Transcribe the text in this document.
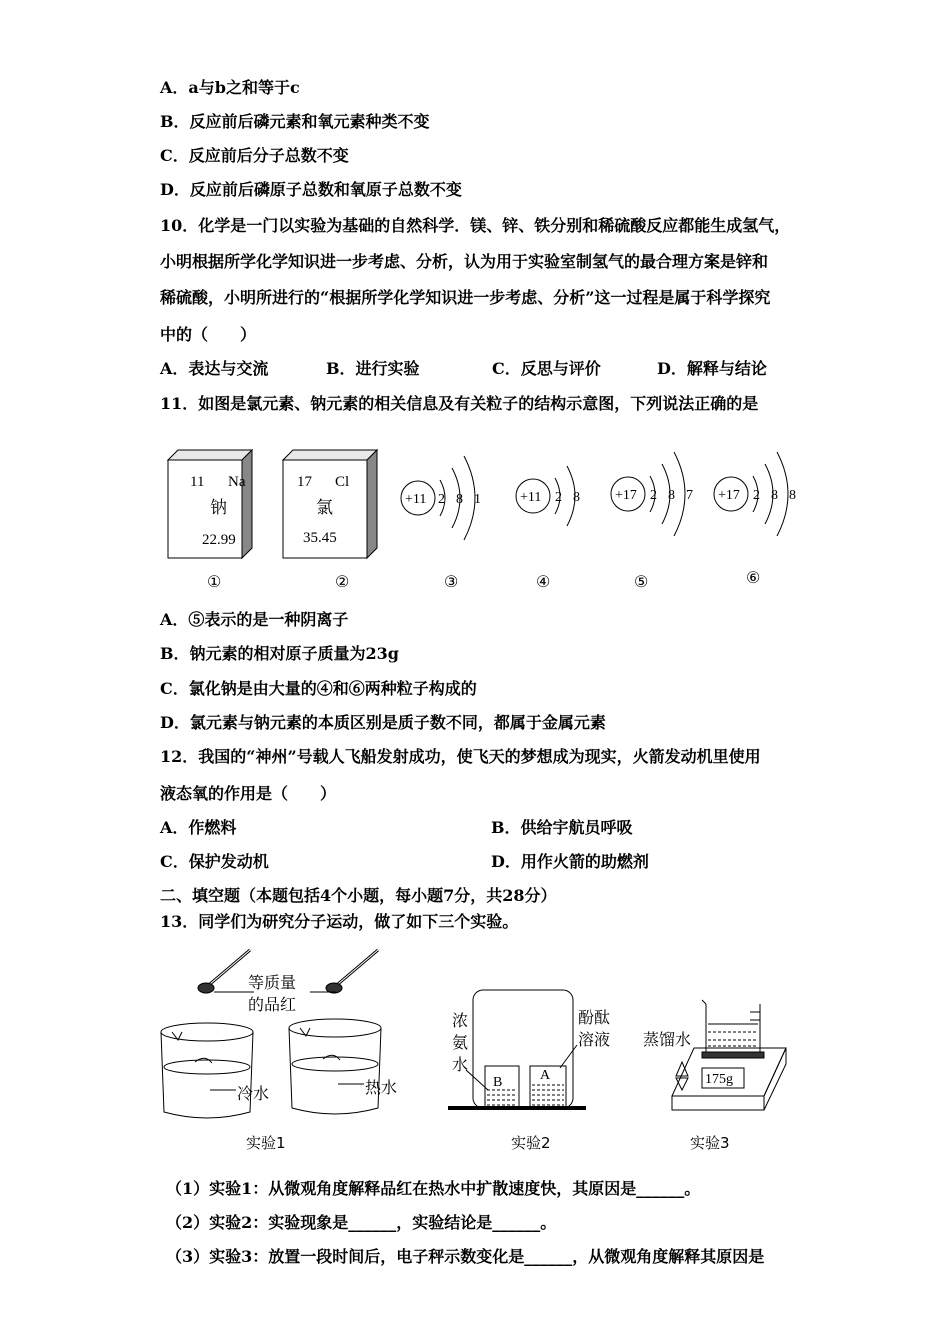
A．a与b之和等于c
B．反应前后磷元素和氧元素种类不变
C．反应前后分子总数不变
D．反应前后磷原子总数和氧原子总数不变
10．化学是一门以实验为基础的自然科学．镁、锌、铁分别和稀硫酸反应都能生成氢气，
小明根据所学化学知识进一步考虑、分析，认为用于实验室制氢气的最合理方案是锌和
稀硫酸，小明所进行的“根据所学化学知识进一步考虑、分析”这一过程是属于科学探究
中的（　　）
A．表达与交流	B．进行实验	C．反思与评价	D．解释与结论
11．如图是氯元素、钠元素的相关信息及有关粒子的结构示意图，下列说法正确的是
11 Na
钠
22.99
17 Cl
氯
35.45
+11 2 8 1	+11 2 8	+17 2 8 7 +17 2 8 8
①	②	③	④	⑤	⑥
A．⑤表示的是一种阴离子
B．钠元素的相对原子质量为23g
C．氯化钠是由大量的④和⑥两种粒子构成的
D．氯元素与钠元素的本质区别是质子数不同，都属于金属元素
12．我国的“神州”号载人飞船发射成功，使飞天的梦想成为现实，火箭发动机里使用
液态氧的作用是（　　）
A．作燃料	B．供给宇航员呼吸
C．保护发动机	D．用作火箭的助燃剂
二、填空题（本题包括4个小题，每小题7分，共28分）
13．同学们为研究分子运动，做了如下三个实验。
175g
等质量
的品红
冷水	热水
实验1
浓
氨
水
酚酞
溶液
B	A
实验2
蒸馏水
实验3
（1）实验1：从微观角度解释品红在热水中扩散速度快，其原因是______。
（2）实验2：实验现象是______，实验结论是______。
（3）实验3：放置一段时间后，电子秤示数变化是______，从微观角度解释其原因是
